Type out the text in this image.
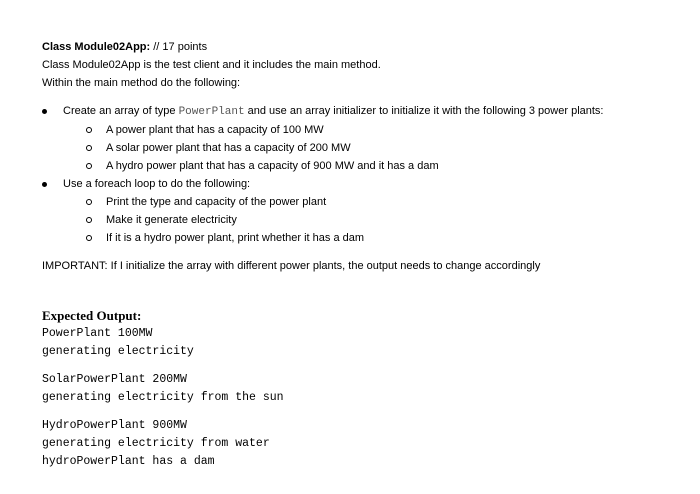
Class Module02App: // 17 points
Class Module02App is the test client and it includes the main method.
Within the main method do the following:
Create an array of type PowerPlant and use an array initializer to initialize it with the following 3 power plants:
A power plant that has a capacity of 100 MW
A solar power plant that has a capacity of 200 MW
A hydro power plant that has a capacity of 900 MW and it has a dam
Use a foreach loop to do the following:
Print the type and capacity of the power plant
Make it generate electricity
If it is a hydro power plant, print whether it has a dam
IMPORTANT: If I initialize the array with different power plants, the output needs to change accordingly
Expected Output:
PowerPlant 100MW
generating electricity
SolarPowerPlant 200MW
generating electricity from the sun
HydroPowerPlant 900MW
generating electricity from water
hydroPowerPlant has a dam
